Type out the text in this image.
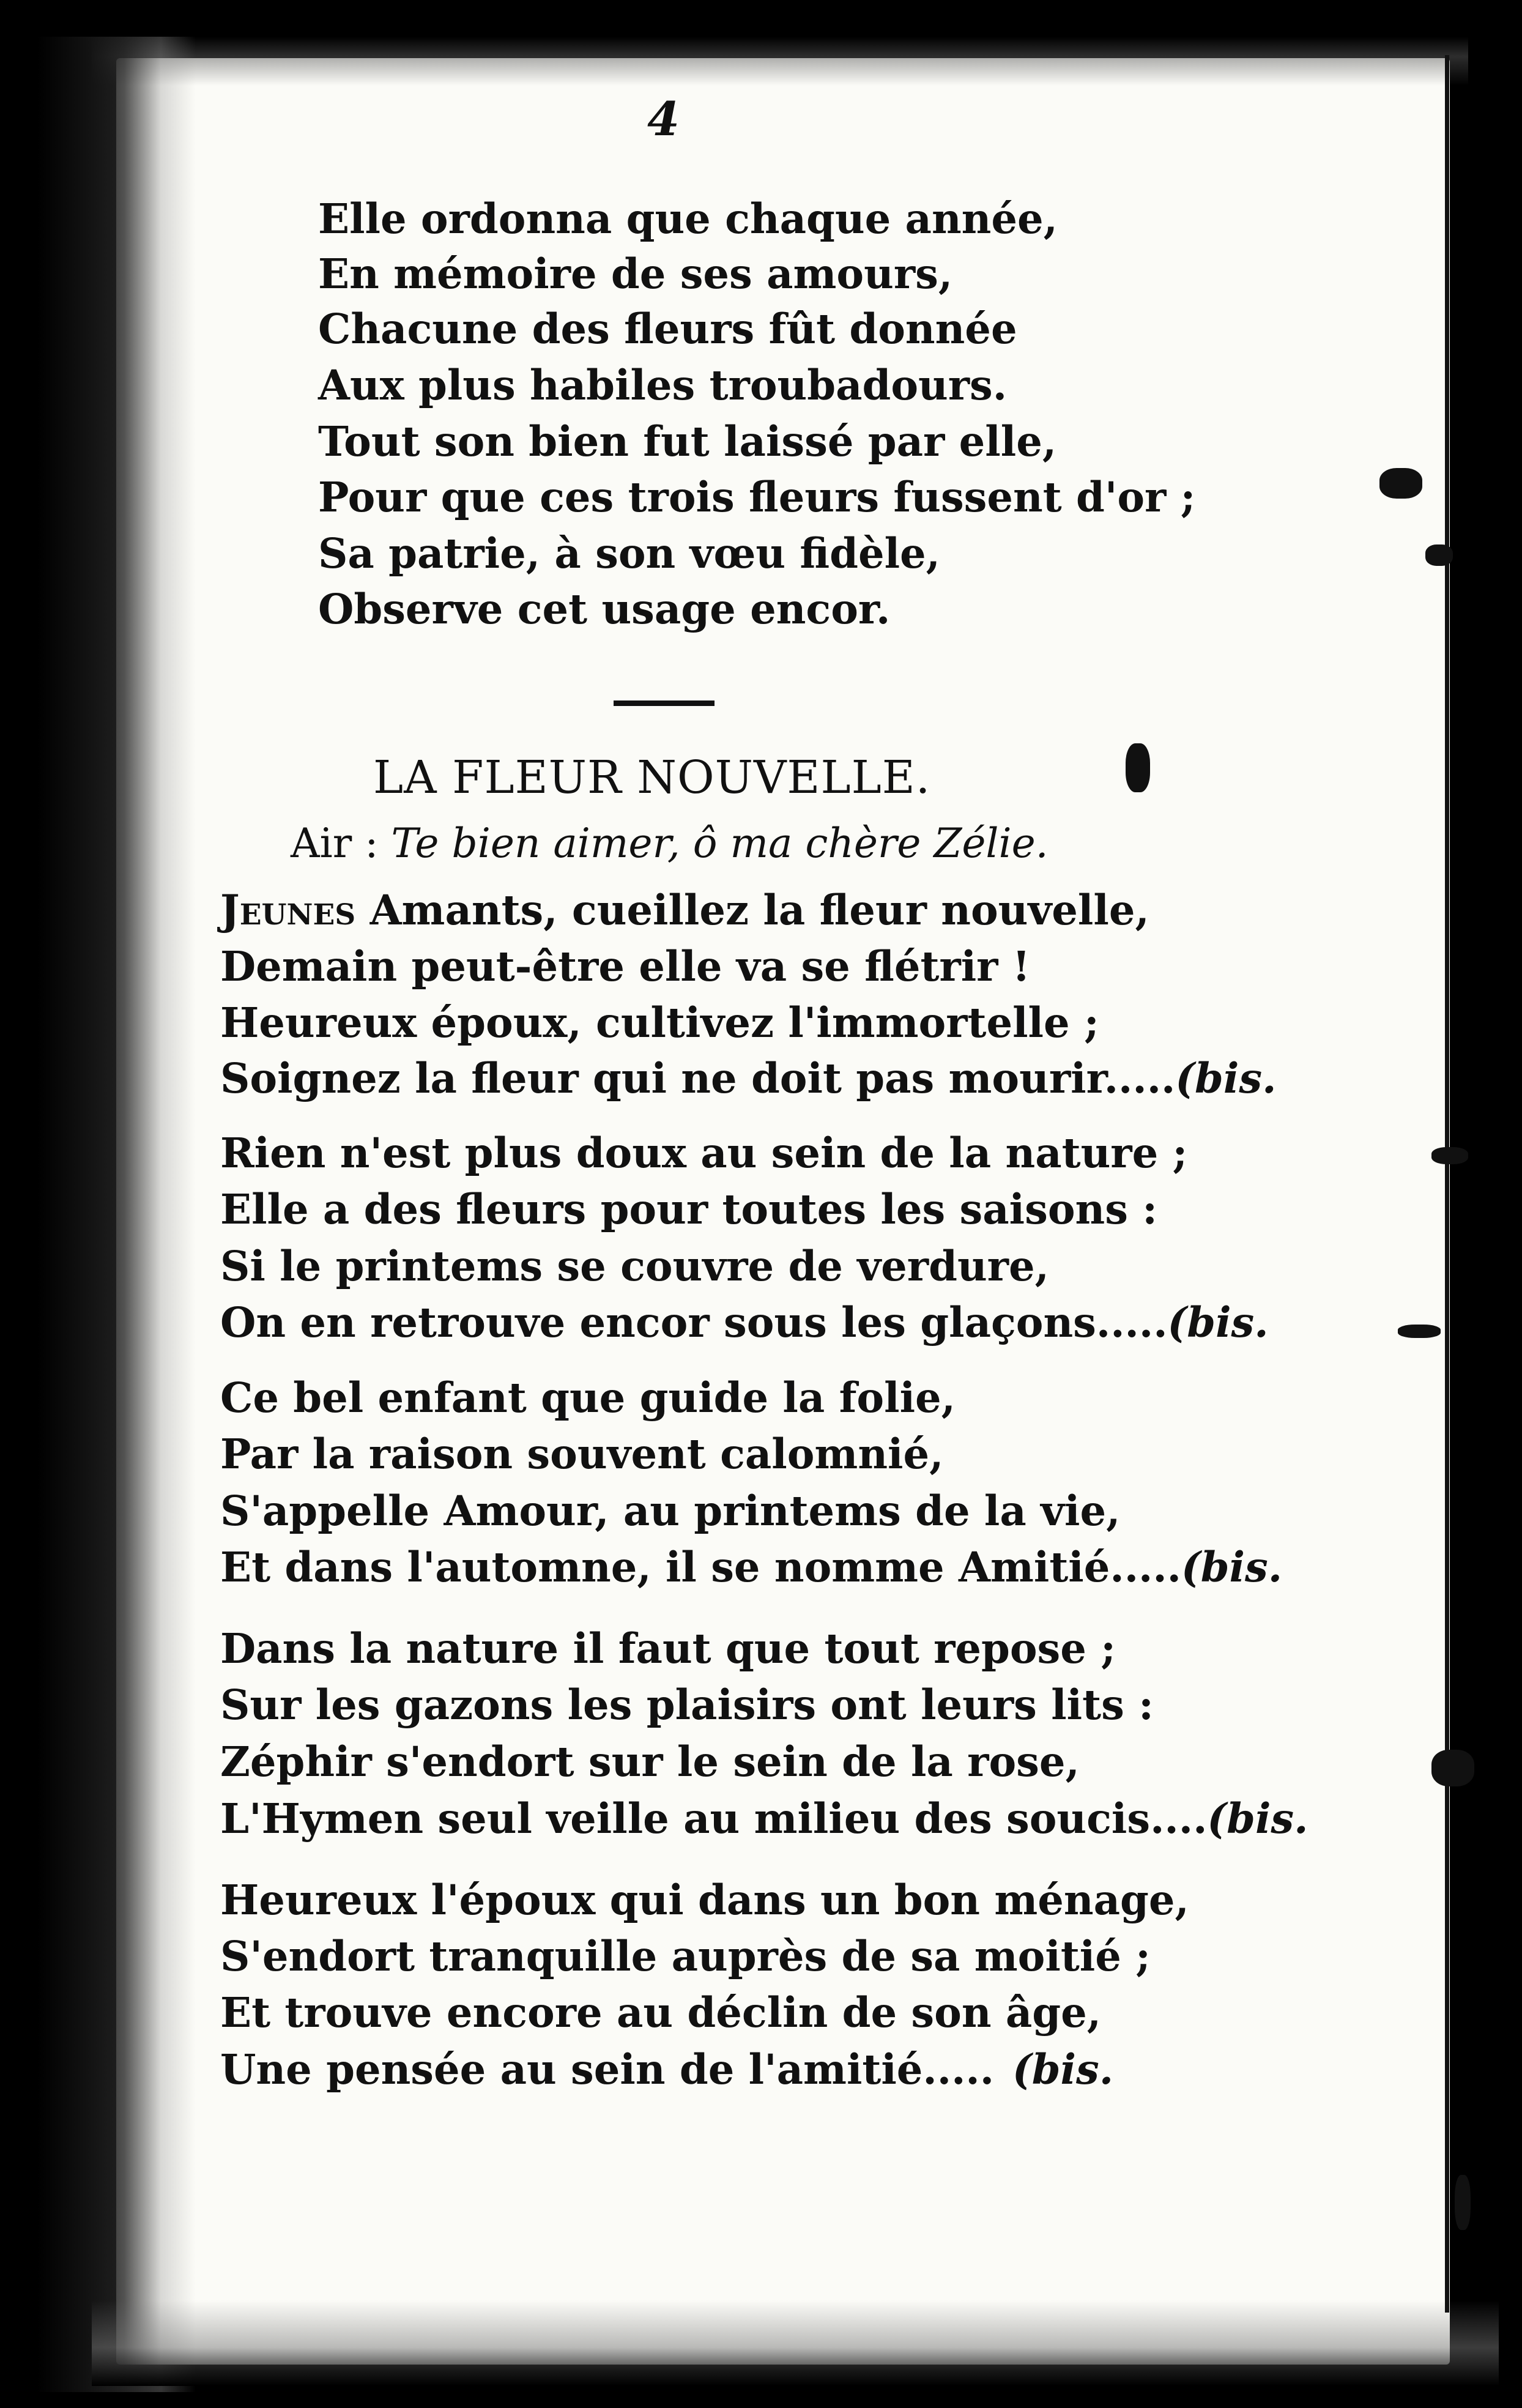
4
Elle ordonna que chaque année,
En mémoire de ses amours,
Chacune des fleurs fût donnée
Aux plus habiles troubadours.
Tout son bien fut laissé par elle,
Pour que ces trois fleurs fussent d'or ;
Sa patrie, à son vœu fidèle,
Observe cet usage encor.
LA FLEUR NOUVELLE.
Air : Te bien aimer, ô ma chère Zélie.
Jeunes Amants, cueillez la fleur nouvelle,
Demain peut-être elle va se flétrir !
Heureux époux, cultivez l'immortelle ;
Soignez la fleur qui ne doit pas mourir.....(bis.
Rien n'est plus doux au sein de la nature ;
Elle a des fleurs pour toutes les saisons :
Si le printems se couvre de verdure,
On en retrouve encor sous les glaçons.....(bis.
Ce bel enfant que guide la folie,
Par la raison souvent calomnié,
S'appelle Amour, au printems de la vie,
Et dans l'automne, il se nomme Amitié.....(bis.
Dans la nature il faut que tout repose ;
Sur les gazons les plaisirs ont leurs lits :
Zéphir s'endort sur le sein de la rose,
L'Hymen seul veille au milieu des soucis....(bis.
Heureux l'époux qui dans un bon ménage,
S'endort tranquille auprès de sa moitié ;
Et trouve encore au déclin de son âge,
Une pensée au sein de l'amitié..... (bis.
